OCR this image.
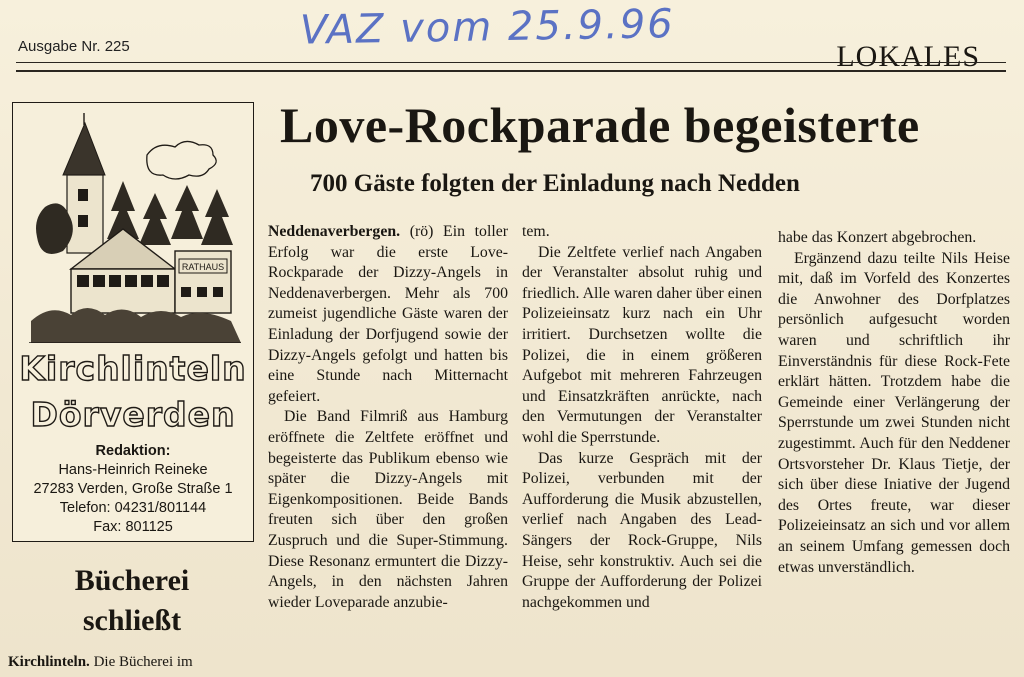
VAZ vom 25.9.96
Ausgabe Nr. 225	LOKALES
RATHAUS
Kirchlinteln
Dörverden
Redaktion:
Hans-Heinrich Reineke
27283 Verden, Große Straße 1
Telefon: 04231/801144
Fax: 801125
Bücherei
schließt
Kirchlinteln. Die Bücherei im
Love-Rockparade begeisterte
700 Gäste folgten der Einladung nach Nedden

Neddenaverbergen. (rö) Ein toller Erfolg war die erste Love- Rockparade der Dizzy-Angels in Neddenaverbergen. Mehr als 700 zumeist jugendliche Gäste waren der Einladung der Dorfjugend sowie der Dizzy-Angels gefolgt und hatten bis eine Stunde nach Mitternacht gefeiert.

Die Band Filmriß aus Hamburg eröffnete die Zeltfete eröffnet und begeisterte das Publikum ebenso wie später die Dizzy-Angels mit Eigenkompositionen. Beide Bands freuten sich über den großen Zuspruch und die Super-Stimmung. Diese Resonanz ermuntert die Dizzy-Angels, in den nächsten Jahren wieder Loveparade anzubie-

tem.

Die Zeltfete verlief nach Angaben der Veranstalter absolut ruhig und friedlich. Alle waren daher über einen Polizeieinsatz kurz nach ein Uhr irritiert. Durchsetzen wollte die Polizei, die in einem größeren Aufgebot mit mehreren Fahrzeugen und Einsatzkräften anrückte, nach den Vermutungen der Veranstalter wohl die Sperrstunde.

Das kurze Gespräch mit der Polizei, verbunden mit der Aufforderung die Musik abzustellen, verlief nach Angaben des Lead-Sängers der Rock-Gruppe, Nils Heise, sehr konstruktiv. Auch sei die Gruppe der Aufforderung der Polizei nachgekommen und

habe das Konzert abgebrochen.

Ergänzend dazu teilte Nils Heise mit, daß im Vorfeld des Konzertes die Anwohner des Dorfplatzes persönlich aufgesucht worden waren und schriftlich ihr Einverständnis für diese Rock-Fete erklärt hätten. Trotzdem habe die Gemeinde einer Verlängerung der Sperrstunde um zwei Stunden nicht zugestimmt. Auch für den Neddener Ortsvorsteher Dr. Klaus Tietje, der sich über diese Iniative der Jugend des Ortes freute, war dieser Polizeieinsatz an sich und vor allem an seinem Umfang gemessen doch etwas unverständlich.
